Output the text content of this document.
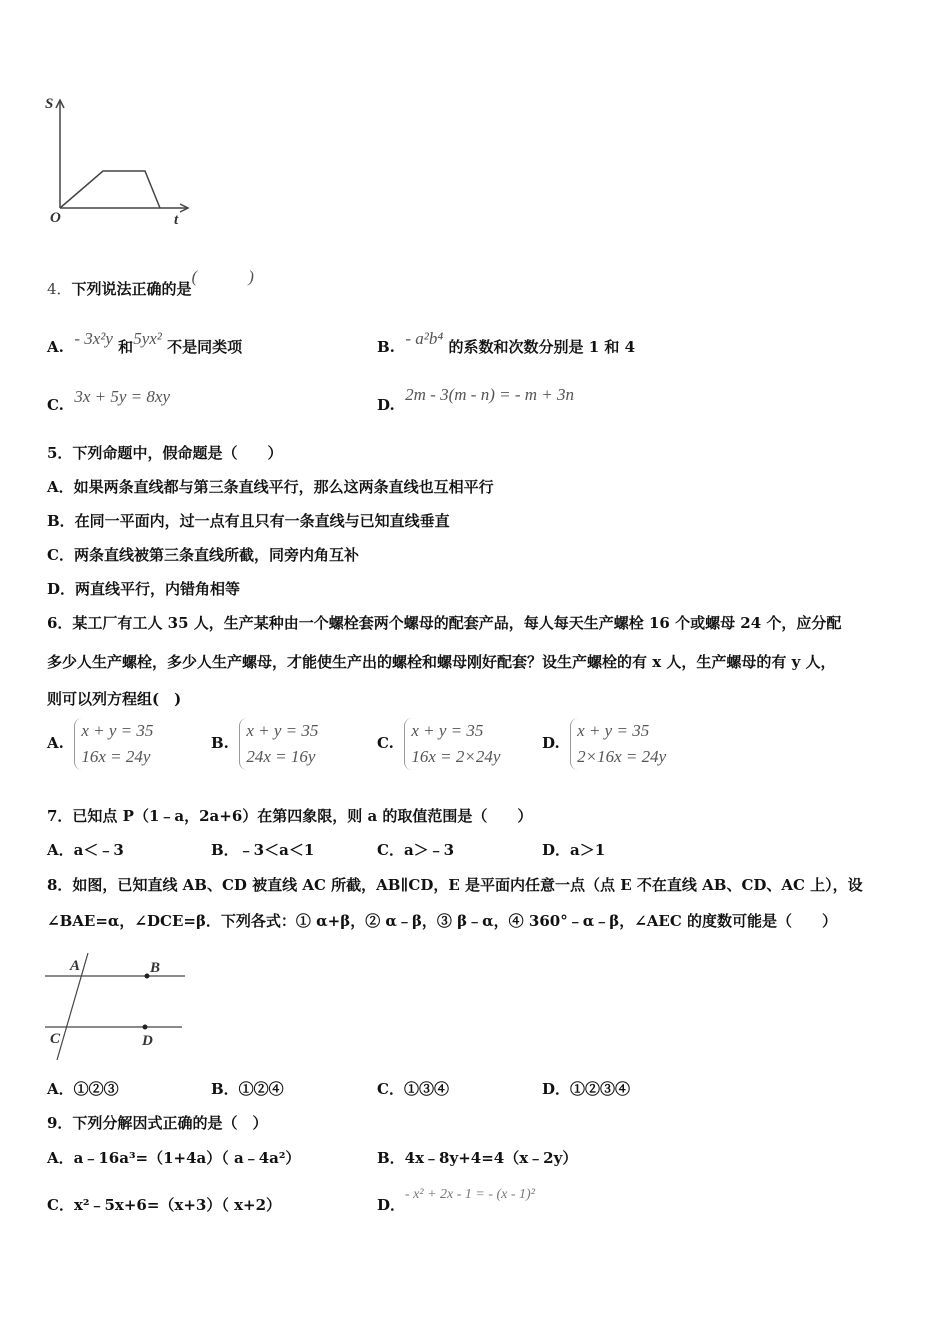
S
O	t
4．下列说法正确的是(　　　)
A. - 3x²y 和5yx² 不是同类项	B. - a²b⁴ 的系数和次数分别是 1 和 4
C. 3x + 5y = 8xy	D.  2m - 3(m - n) = - m + 3n
5．下列命题中，假命题是（　　）
A．如果两条直线都与第三条直线平行，那么这两条直线也互相平行
B．在同一平面内，过一点有且只有一条直线与已知直线垂直
C．两条直线被第三条直线所截，同旁内角互补
D．两直线平行，内错角相等
6．某工厂有工人 35 人，生产某种由一个螺栓套两个螺母的配套产品，每人每天生产螺栓 16 个或螺母 24 个，应分配
多少人生产螺栓，多少人生产螺母，才能使生产出的螺栓和螺母刚好配套？设生产螺栓的有 x 人，生产螺母的有 y 人，
则可以列方程组(　)
A.  x + y = 35
16x = 24y
B.  x + y = 35
24x = 16y
C.  x + y = 35
16x = 2×24y
D.  x + y = 35
2×16x = 24y
7．已知点 P（1﹣a，2a+6）在第四象限，则 a 的取值范围是（　　）
A．a＜﹣3	B．﹣3＜a＜1	C．a＞﹣3	D．a＞1
8．如图，已知直线 AB、CD 被直线 AC 所截，AB∥CD，E 是平面内任意一点（点 E 不在直线 AB、CD、AC 上），设
∠BAE=α，∠DCE=β．下列各式：① α+β，② α﹣β，③ β﹣α，④ 360°﹣α﹣β，∠AEC 的度数可能是（　　）
A	B
C	D
A．①②③	B．①②④	C．①③④	D．①②③④
9．下列分解因式正确的是（　）
A．a﹣16a³=（1+4a）（ a﹣4a²）	B．4x﹣8y+4=4（x﹣2y）
C．x²﹣5x+6=（x+3）（ x+2）	D．- x² + 2x - 1 = - (x - 1)²
